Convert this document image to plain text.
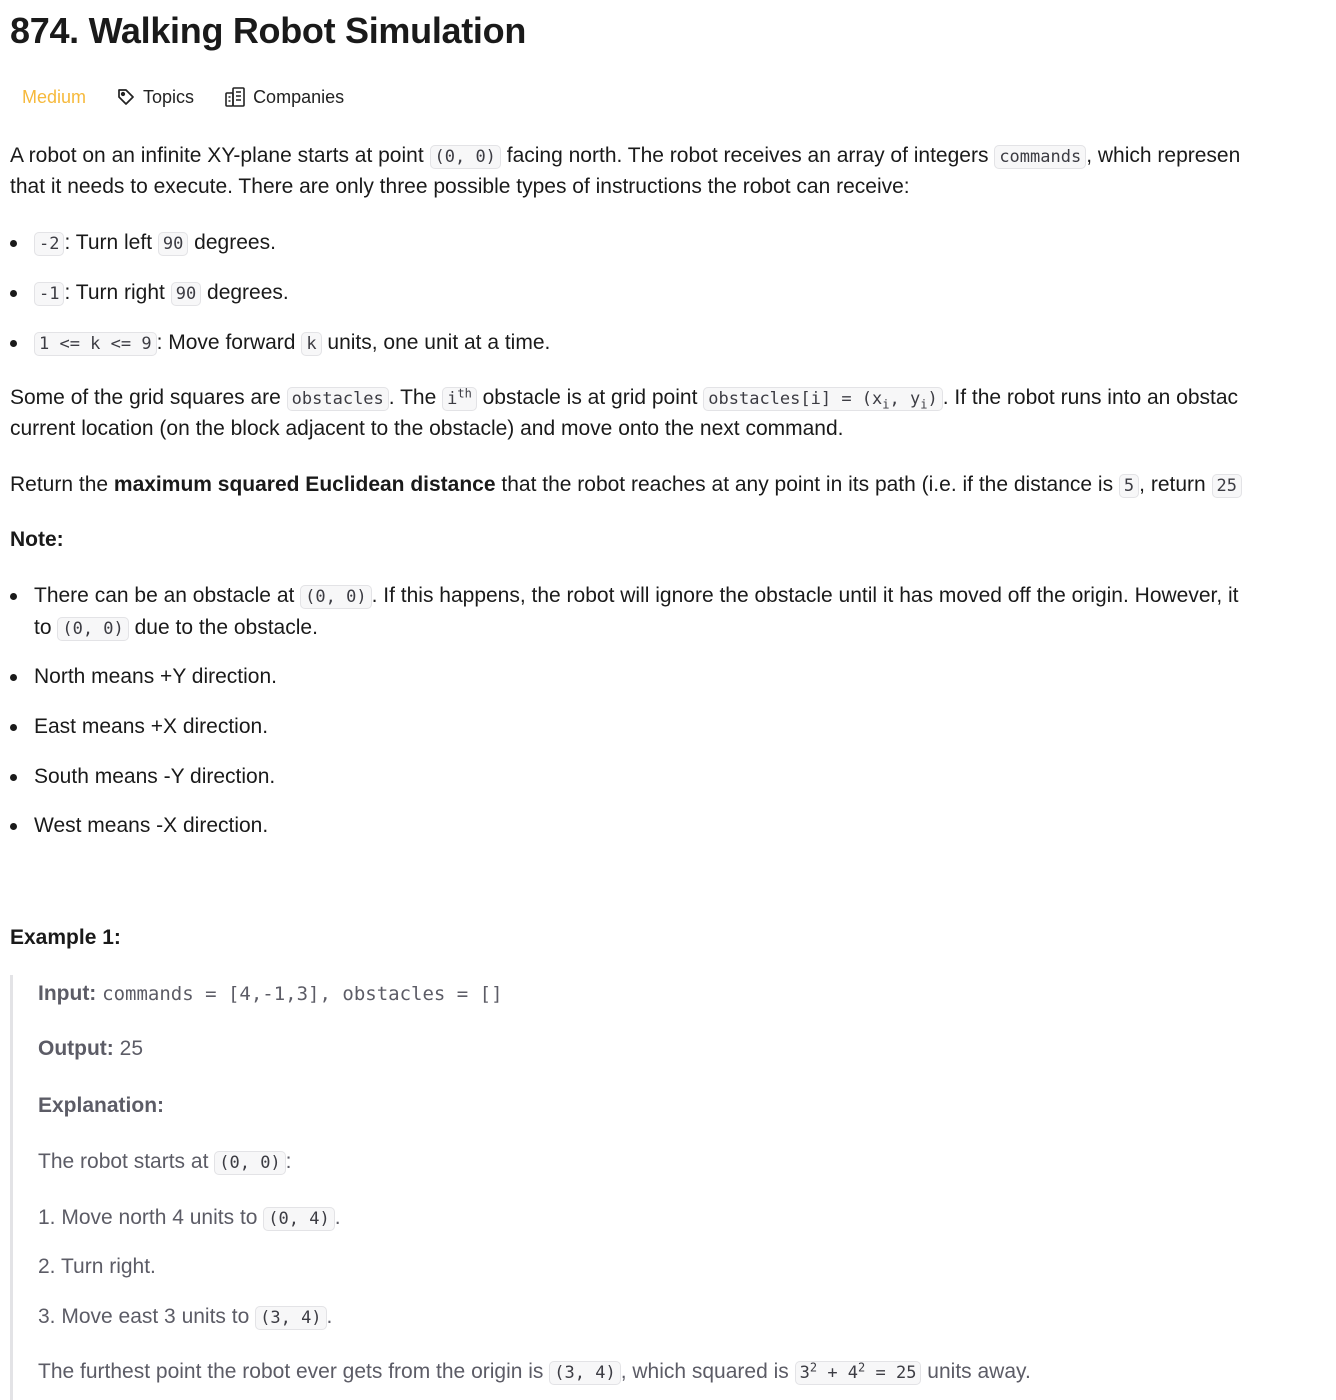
874. Walking Robot Simulation
Medium	Topics	Companies

A robot on an infinite XY-plane starts at point (0, 0) facing north. The robot receives an array of integers commands , which represen

that it needs to execute. There are only three possible types of instructions the robot can receive:

-2 : Turn left 90 degrees.
-1 : Turn right 90 degrees.
1 <= k <= 9 : Move forward k units, one unit at a time.

Some of the grid squares are obstacles . The $i^{th}$ obstacle is at grid point obstacles[i] = ($x_i$, $y_i$) . If the robot runs into an obstac

current location (on the block adjacent to the obstacle) and move onto the next command.

Return the maximum squared Euclidean distance that the robot reaches at any point in its path (i.e. if the distance is 5 , return 25

Note:

There can be an obstacle at (0, 0) . If this happens, the robot will ignore the obstacle until it has moved off the origin. However, it
to (0, 0) due to the obstacle.
North means +Y direction.
East means +X direction.
South means -Y direction.
West means -X direction.

Example 1:

Input: commands = [4,-1,3], obstacles = []
Output: 25
Explanation:
The robot starts at (0, 0) :
1. Move north 4 units to (0, 4) .
2. Turn right.
3. Move east 3 units to (3, 4) .
The furthest point the robot ever gets from the origin is (3, 4) , which squared is $3^2 + 4^2 = 25$ units away.
